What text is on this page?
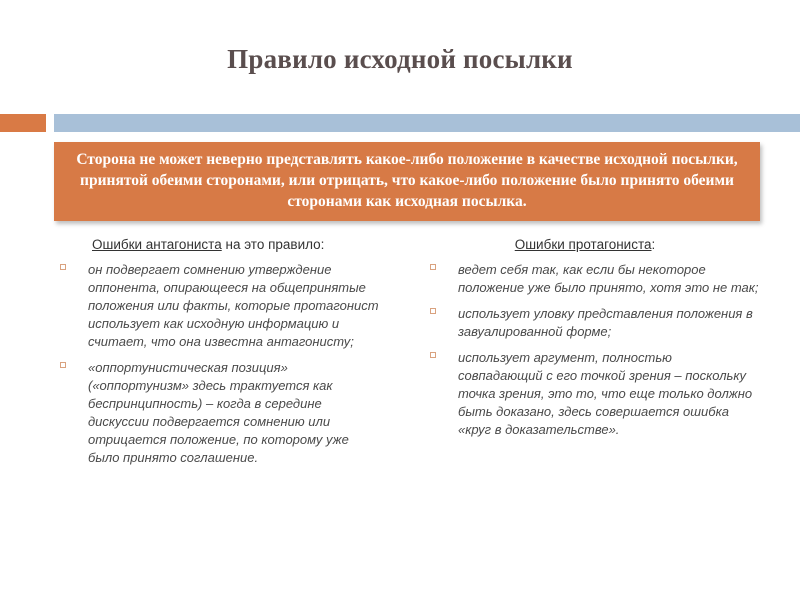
Правило исходной посылки
Сторона не может неверно представлять какое-либо положение в качестве исходной посылки, принятой обеими сторонами, или отрицать, что какое-либо положение было принято обеими сторонами как исходная посылка.
Ошибки антагониста на это правило:
он подвергает сомнению утверждение оппонента, опирающееся на общепринятые положения или факты, которые протагонист использует как исходную информацию и считает, что она известна антагонисту;
«оппортунистическая позиция» («оппортунизм» здесь трактуется как беспринципность) – когда в середине дискуссии подвергается сомнению или отрицается положение, по которому уже было принято соглашение.
Ошибки протагониста:
ведет себя так, как если бы некоторое положение уже было принято, хотя это не так;
использует уловку представления положения в завуалированной форме;
использует аргумент, полностью совпадающий с его точкой зрения – поскольку точка зрения, это то, что еще только должно быть доказано, здесь совершается ошибка «круг в доказательстве».
